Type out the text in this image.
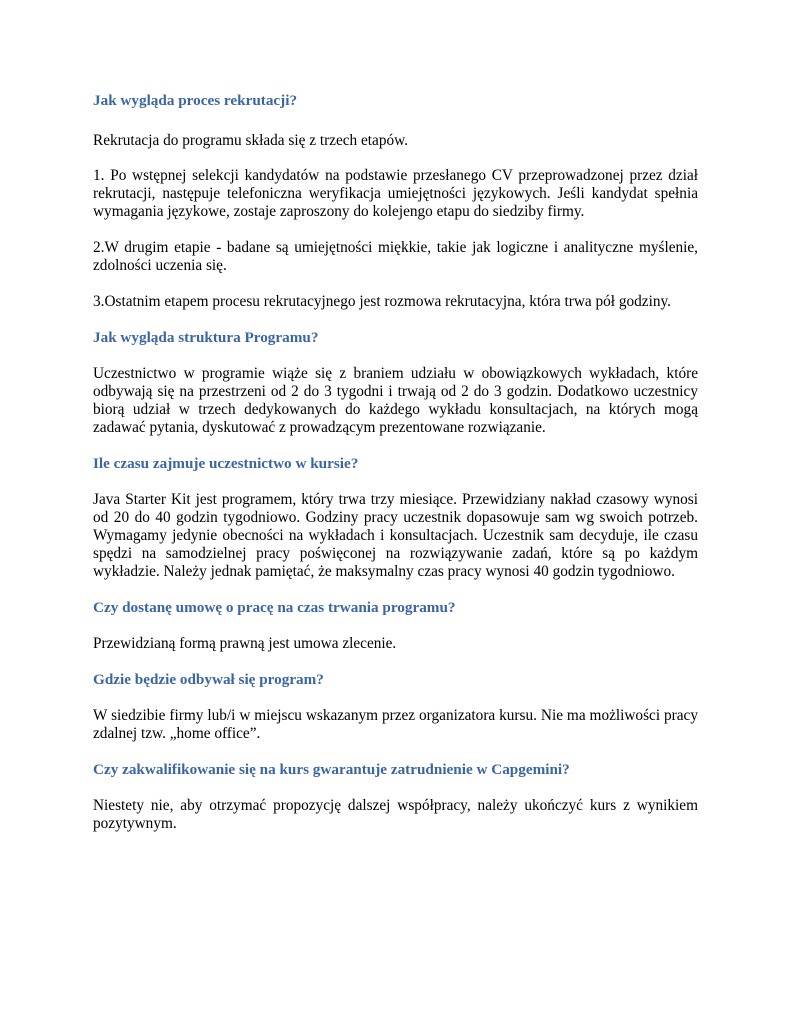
Jak wygląda proces rekrutacji?

Rekrutacja do programu składa się z trzech etapów.

1. Po wstępnej selekcji kandydatów na podstawie przesłanego CV przeprowadzonej przez dział rekrutacji, następuje telefoniczna weryfikacja umiejętności językowych. Jeśli kandydat spełnia wymagania językowe, zostaje zaproszony do kolejengo etapu do siedziby firmy.

2.W drugim etapie - badane są umiejętności miękkie, takie jak logiczne i analityczne myślenie, zdolności uczenia się.

3.Ostatnim etapem procesu rekrutacyjnego jest rozmowa rekrutacyjna, która trwa pół godziny.

Jak wygląda struktura Programu?

Uczestnictwo w programie wiąże się z braniem udziału w obowiązkowych wykładach, które odbywają się na przestrzeni od 2 do 3 tygodni i trwają od 2 do 3 godzin. Dodatkowo uczestnicy biorą udział w trzech dedykowanych do każdego wykładu konsultacjach, na których mogą zadawać pytania, dyskutować z prowadzącym prezentowane rozwiązanie.

Ile czasu zajmuje uczestnictwo w kursie?

Java Starter Kit jest programem, który trwa trzy miesiące. Przewidziany nakład czasowy wynosi od 20 do 40 godzin tygodniowo. Godziny pracy uczestnik dopasowuje sam wg swoich potrzeb. Wymagamy jedynie obecności na wykładach i konsultacjach. Uczestnik sam decyduje, ile czasu spędzi na samodzielnej pracy poświęconej na rozwiązywanie zadań, które są po każdym wykładzie. Należy jednak pamiętać, że maksymalny czas pracy wynosi 40 godzin tygodniowo.

Czy dostanę umowę o pracę na czas trwania programu?

Przewidzianą formą prawną jest umowa zlecenie.

Gdzie będzie odbywał się program?

W siedzibie firmy lub/i w miejscu wskazanym przez organizatora kursu. Nie ma możliwości pracy zdalnej tzw. „home office”.

Czy zakwalifikowanie się na kurs gwarantuje zatrudnienie w Capgemini?

Niestety nie, aby otrzymać propozycję dalszej współpracy, należy ukończyć kurs z wynikiem pozytywnym.
